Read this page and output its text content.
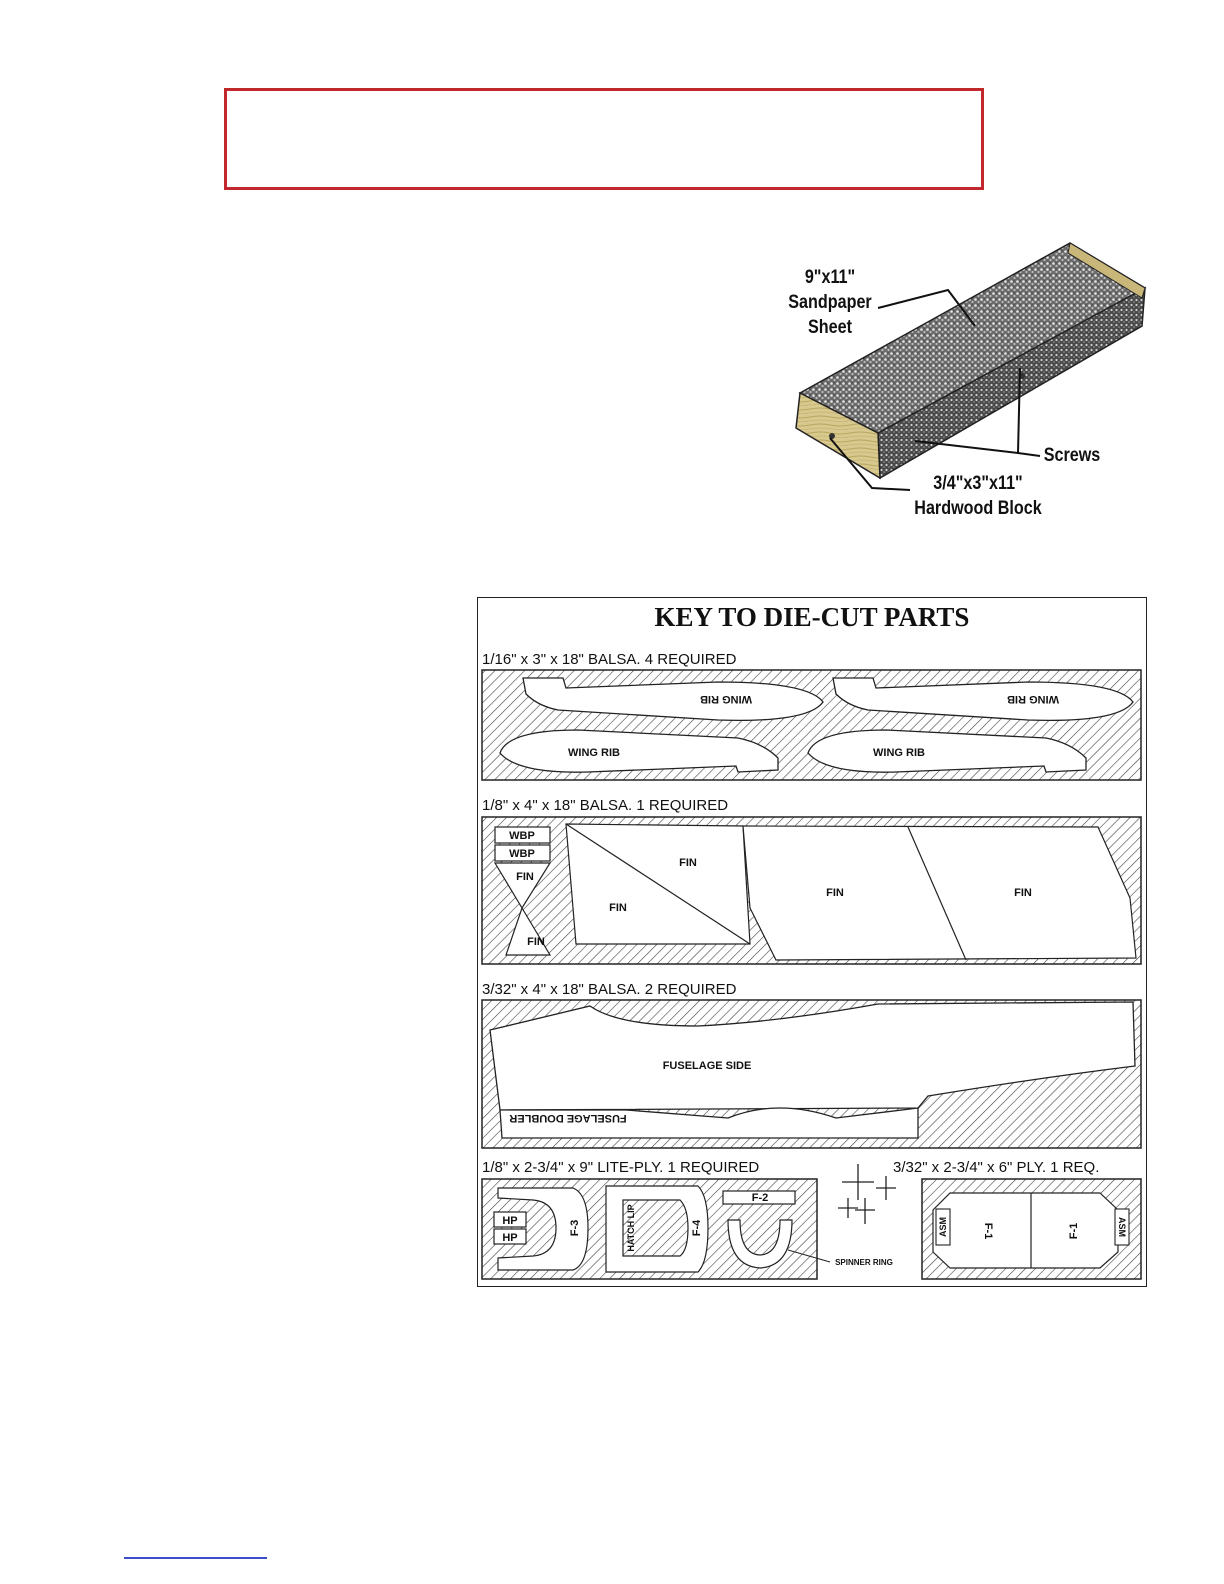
9"x11"
Sandpaper
Sheet
Screws
3/4"x3"x11"
Hardwood Block
KEY TO DIE-CUT PARTS
1/16" x 3" x 18" BALSA. 4 REQUIRED
1/8" x 4" x 18" BALSA. 1 REQUIRED
3/32" x 4" x 18" BALSA. 2 REQUIRED
1/8" x 2-3/4" x 9" LITE-PLY. 1 REQUIRED	3/32" x 2-3/4" x 6" PLY. 1 REQ.
WING RIB	WING RIB
WING RIB	WING RIB
WBP
WBP
FIN
FIN
FIN
FIN
FIN	FIN
FUSELAGE SIDE
FUSELAGE DOUBLER
HP
HP
F-3	HATCH LIP	F-4
F-2
SPINNER RING
ASM	F-1	F-1	ASM
